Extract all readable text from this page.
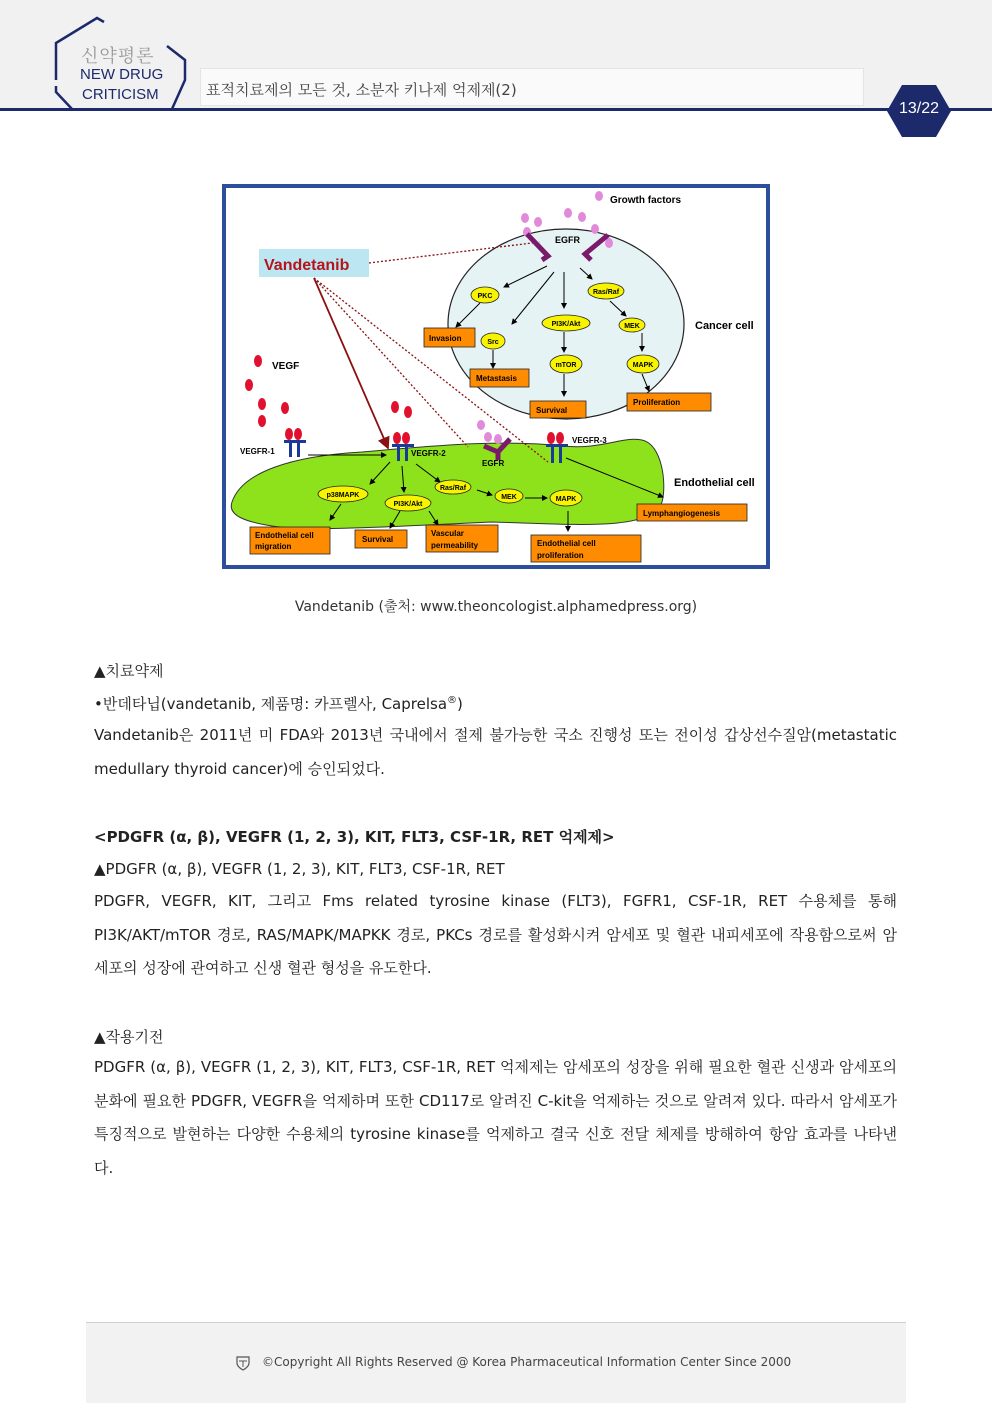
신약평론
NEW DRUG
CRITICISM	표적치료제의 모든 것, 소분자 키나제 억제제(2)
13/22
Vandetanib
Growth factors
EGFR
Cancer cell
PKC
Ras/Raf
PI3K/Akt	MEK
Src
mTOR	MAPK
Invasion
Metastasis
Survival
Proliferation
VEGF
VEGFR-1	VEGFR-2
VEGFR-3
EGFR
Endothelial cell
p38MAPK
Ras/Raf
PI3K/Akt
MEK	MAPK
Lymphangiogenesis
Endothelial cell
migration
Survival
Vascular
permeability	Endothelial cell
proliferation
Vandetanib (출처: www.theoncologist.alphamedpress.org)
▲치료약제
•반데타닙(vandetanib, 제품명: 카프렐사, Caprelsa®)
Vandetanib은 2011년 미 FDA와 2013년 국내에서 절제 불가능한 국소 진행성 또는 전이성 갑상선수질암(metastatic medullary thyroid cancer)에 승인되었다.
<PDGFR (α, β), VEGFR (1, 2, 3), KIT, FLT3, CSF-1R, RET 억제제>
▲PDGFR (α, β), VEGFR (1, 2, 3), KIT, FLT3, CSF-1R, RET
PDGFR, VEGFR, KIT, 그리고 Fms related tyrosine kinase (FLT3), FGFR1, CSF-1R, RET 수용체를 통해 PI3K/AKT/mTOR 경로, RAS/MAPK/MAPKK 경로, PKCs 경로를 활성화시켜 암세포 및 혈관 내피세포에 작용함으로써 암세포의 성장에 관여하고 신생 혈관 형성을 유도한다.
▲작용기전
PDGFR (α, β), VEGFR (1, 2, 3), KIT, FLT3, CSF-1R, RET 억제제는 암세포의 성장을 위해 필요한 혈관 신생과 암세포의 분화에 필요한 PDGFR, VEGFR을 억제하며 또한 CD117로 알려진 C-kit을 억제하는 것으로 알려져 있다. 따라서 암세포가 특징적으로 발현하는 다양한 수용체의 tyrosine kinase를 억제하고 결국 신호 전달 체제를 방해하여 항암 효과를 나타낸다.
©Copyright All Rights Reserved @ Korea Pharmaceutical Information Center Since 2000
